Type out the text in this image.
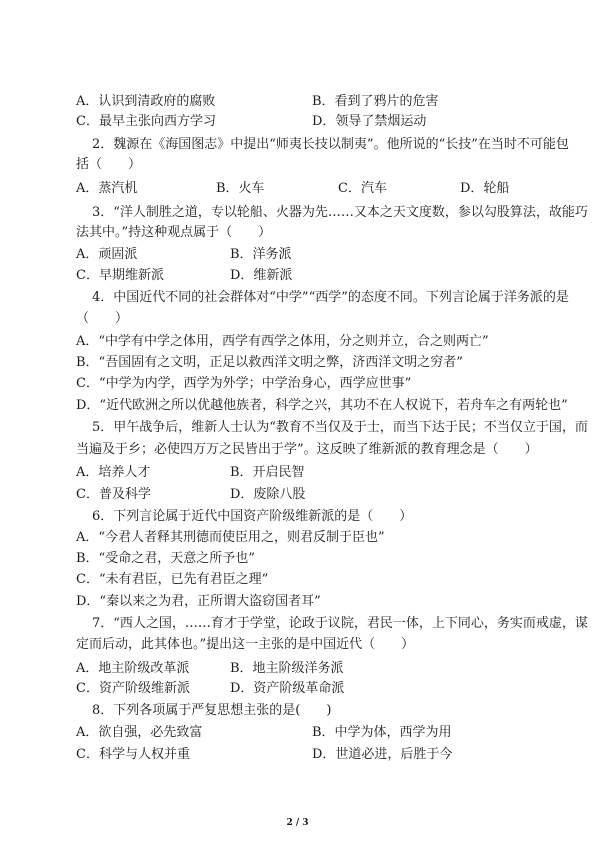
A．认识到清政府的腐败	B．看到了鸦片的危害
C．最早主张向西方学习	D．领导了禁烟运动
2．魏源在《海国图志》中提出“师夷长技以制夷”。他所说的“长技”在当时不可能包
括（　　）
A．蒸汽机	B．火车	C．汽车	D．轮船
3．“洋人制胜之道，专以轮船、火器为先……又本之天文度数，参以勾股算法，故能巧
法其中。”持这种观点属于（　　）
A．顽固派	B．洋务派
C．早期维新派	D．维新派
4．中国近代不同的社会群体对“中学”“西学”的态度不同。下列言论属于洋务派的是
（　　）
A．“中学有中学之体用，西学有西学之体用，分之则并立，合之则两亡”
B．“吾国固有之文明，正足以救西洋文明之弊，济西洋文明之穷者”
C．“中学为内学，西学为外学；中学治身心，西学应世事”
D．“近代欧洲之所以优越他族者，科学之兴，其功不在人权说下，若舟车之有两轮也”
5．甲午战争后，维新人士认为“教育不当仅及于士，而当下达于民；不当仅立于国，而
当遍及于乡；必使四万万之民皆出于学”。这反映了维新派的教育理念是（　　）
A．培养人才	B．开启民智
C．普及科学	D．废除八股
6．下列言论属于近代中国资产阶级维新派的是（　　）
A．“今君人者释其刑德而使臣用之，则君反制于臣也”
B．“受命之君，天意之所予也”
C．“未有君臣，已先有君臣之理”
D．“秦以来之为君，正所谓大盗窃国者耳”
7．“西人之国，……育才于学堂，论政于议院，君民一体，上下同心，务实而戒虚，谋
定而后动，此其体也。”提出这一主张的是中国近代（　　）
A．地主阶级改革派	B．地主阶级洋务派
C．资产阶级维新派	D．资产阶级革命派
8．下列各项属于严复思想主张的是(　　)
A．欲自强，必先致富	B．中学为体，西学为用
C．科学与人权并重	D．世道必进，后胜于今
2 / 3
